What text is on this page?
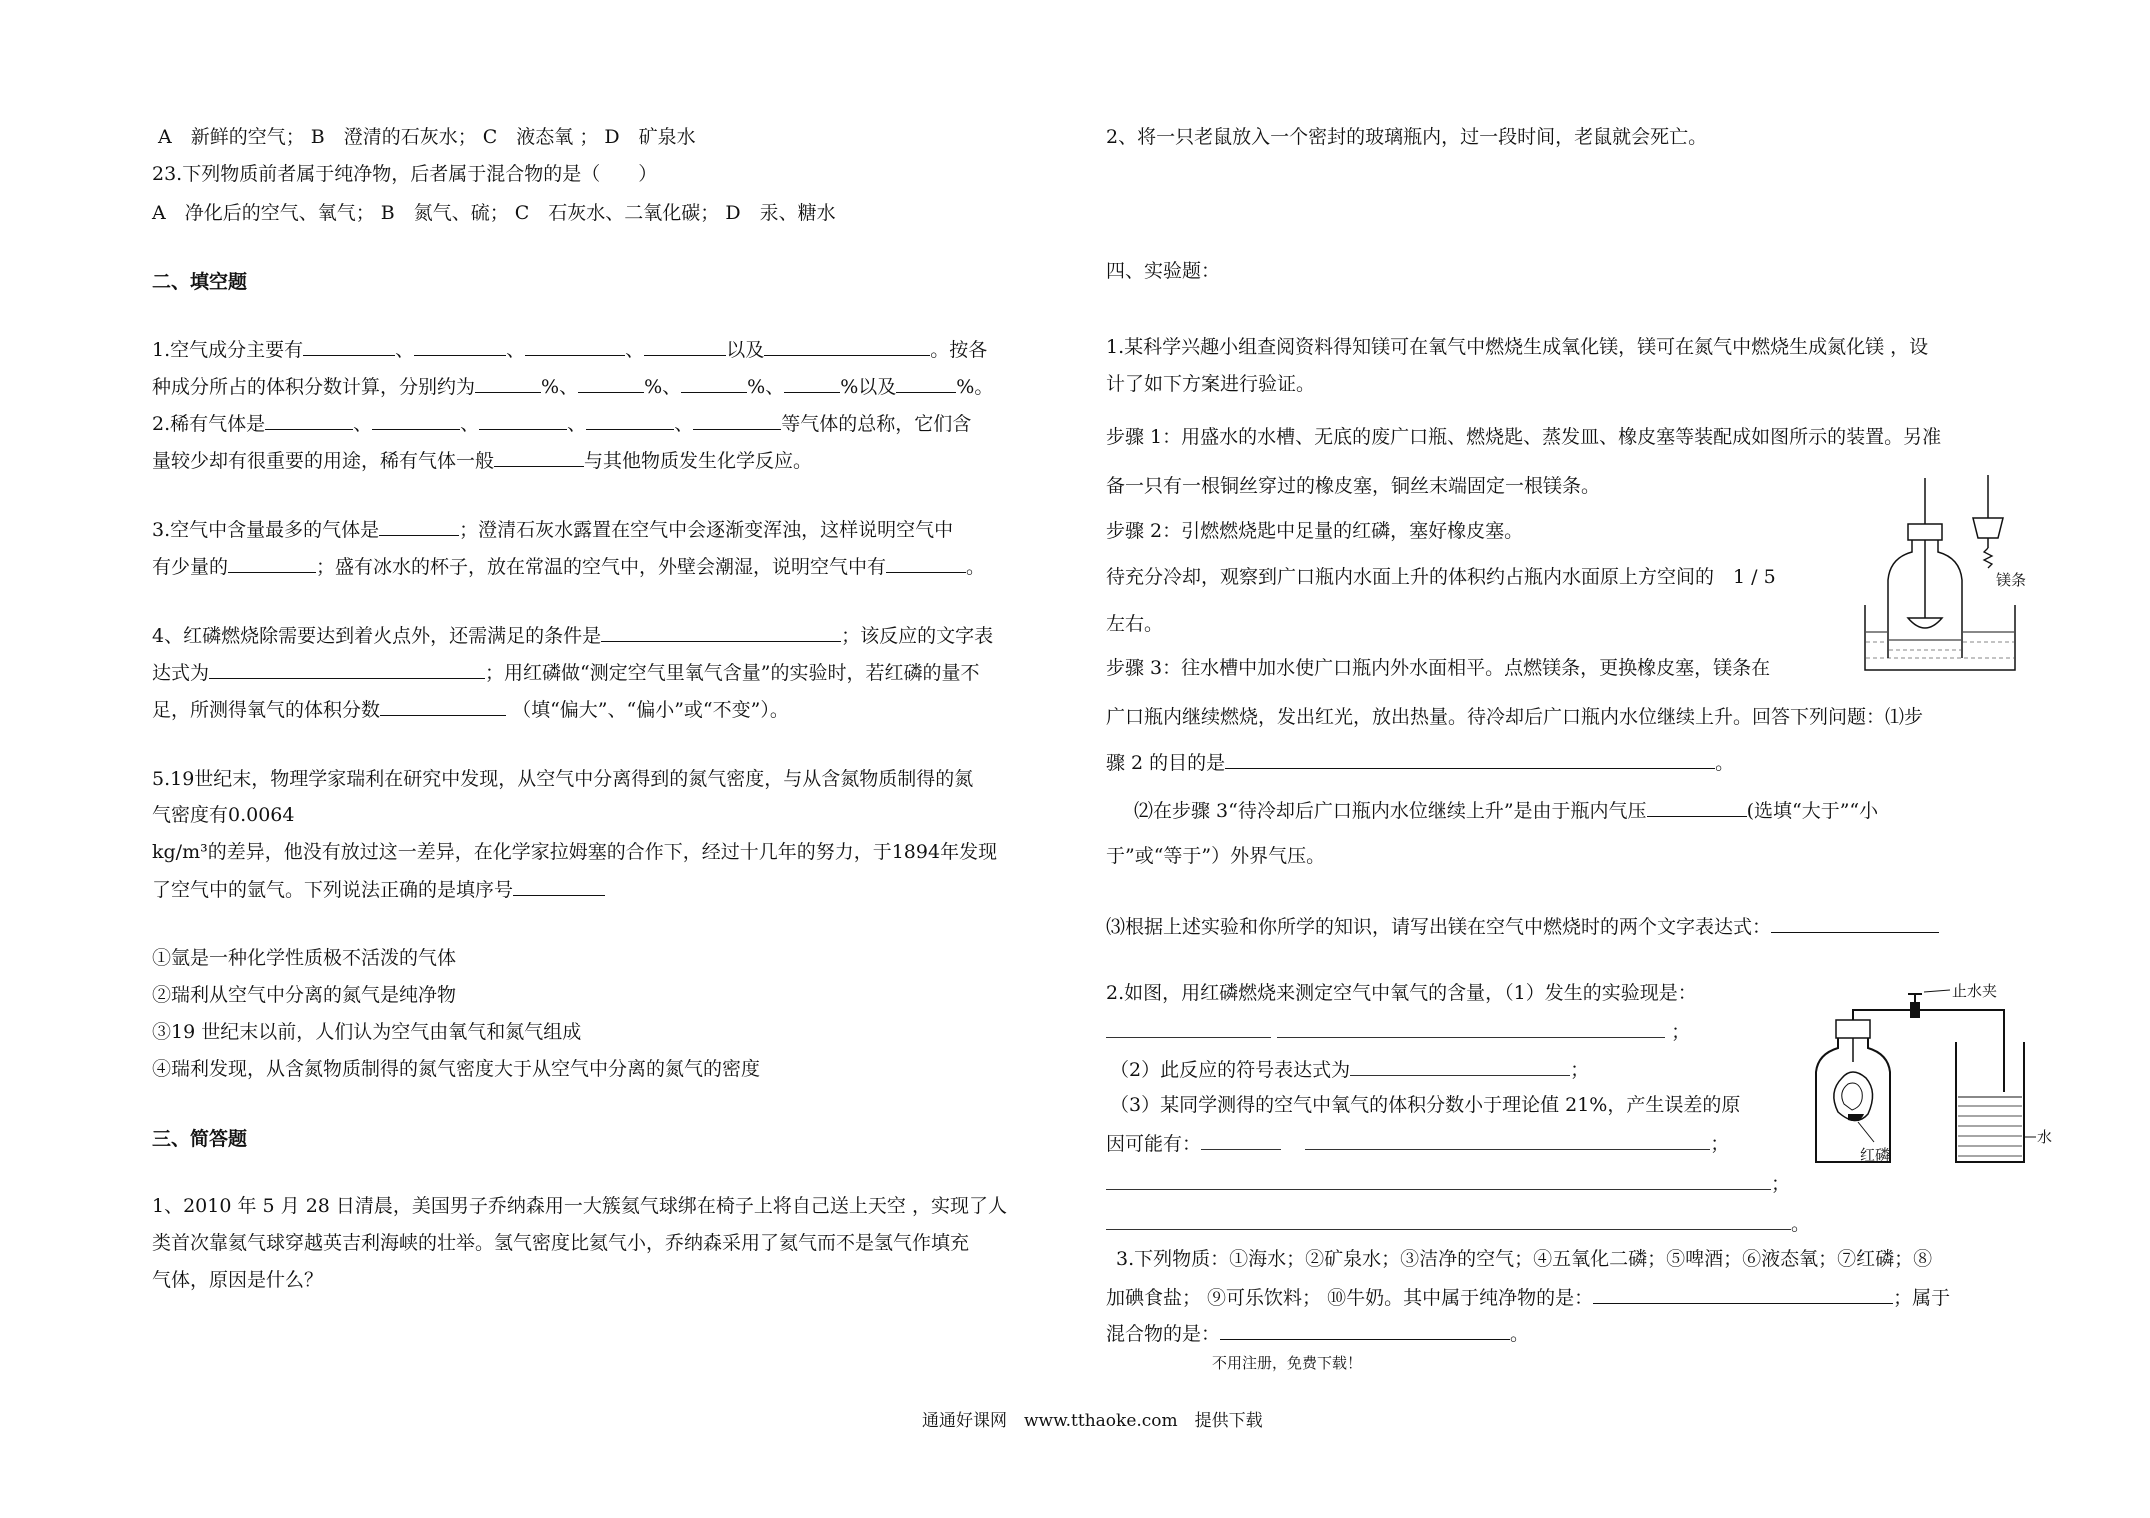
A　新鲜的空气； B　澄清的石灰水； C　液态氧 ； D　矿泉水
23.下列物质前者属于纯净物，后者属于混合物的是（　　）
A　净化后的空气、氧气； B　氮气、硫； C　石灰水、二氧化碳； D　汞、糖水
二、填空题
1.空气成分主要有	、	、	、	以及	。按各
种成分所占的体积分数计算，分别约为	%、	%、	%、	%以及	%。
2.稀有气体是	、	、	、	、	等气体的总称，它们含
量较少却有很重要的用途，稀有气体一般	与其他物质发生化学反应。
3.空气中含量最多的气体是	；澄清石灰水露置在空气中会逐渐变浑浊，这样说明空气中
有少量的	；盛有冰水的杯子，放在常温的空气中，外壁会潮湿，说明空气中有	。
4、红磷燃烧除需要达到着火点外，还需满足的条件是	；该反应的文字表
达式为	；用红磷做“测定空气里氧气含量”的实验时，若红磷的量不
足，所测得氧气的体积分数	（填“偏大”、“偏小”或“不变”）。
5.19世纪末，物理学家瑞利在研究中发现，从空气中分离得到的氮气密度，与从含氮物质制得的氮
气密度有0.0064
kg/m³的差异，他没有放过这一差异，在化学家拉姆塞的合作下，经过十几年的努力，于1894年发现
了空气中的氩气。下列说法正确的是填序号
①氩是一种化学性质极不活泼的气体
②瑞利从空气中分离的氮气是纯净物
③19 世纪末以前，人们认为空气由氧气和氮气组成
④瑞利发现，从含氮物质制得的氮气密度大于从空气中分离的氮气的密度
三、简答题
1、2010 年 5 月 28 日清晨，美国男子乔纳森用一大簇氦气球绑在椅子上将自己送上天空 ，实现了人
类首次靠氦气球穿越英吉利海峡的壮举。氢气密度比氦气小，乔纳森采用了氦气而不是氢气作填充
气体，原因是什么？
2、将一只老鼠放入一个密封的玻璃瓶内，过一段时间，老鼠就会死亡。
四、实验题：
1.某科学兴趣小组查阅资料得知镁可在氧气中燃烧生成氧化镁，镁可在氮气中燃烧生成氮化镁 ，设
计了如下方案进行验证。
步骤 1：用盛水的水槽、无底的废广口瓶、燃烧匙、蒸发皿、橡皮塞等装配成如图所示的装置。另准
备一只有一根铜丝穿过的橡皮塞，铜丝末端固定一根镁条。
步骤 2：引燃燃烧匙中足量的红磷，塞好橡皮塞。
待充分冷却，观察到广口瓶内水面上升的体积约占瓶内水面原上方空间的　1 / 5
左右。
步骤 3：往水槽中加水使广口瓶内外水面相平。点燃镁条，更换橡皮塞，镁条在
广口瓶内继续燃烧，发出红光，放出热量。待冷却后广口瓶内水位继续上升。回答下列问题：⑴步
骤 2 的目的是	。
⑵在步骤 3“待冷却后广口瓶内水位继续上升”是由于瓶内气压	(选填“大于”“小
于”或“等于”）外界气压。
⑶根据上述实验和你所学的知识，请写出镁在空气中燃烧时的两个文字表达式：
镁条
2.如图，用红磷燃烧来测定空气中氧气的含量，（1）发生的实验现是：
；
（2）此反应的符号表达式为	；
（3）某同学测得的空气中氧气的体积分数小于理论值 21%，产生误差的原
因可能有：	；
；
。
止水夹
红磷
水
3.下列物质：①海水；②矿泉水；③洁净的空气；④五氧化二磷；⑤啤酒；⑥液态氧；⑦红磷；⑧
加碘食盐； ⑨可乐饮料； ⑩牛奶。其中属于纯净物的是：	；属于
混合物的是：	。
不用注册，免费下载！
通通好课网　www.tthaoke.com　提供下载
